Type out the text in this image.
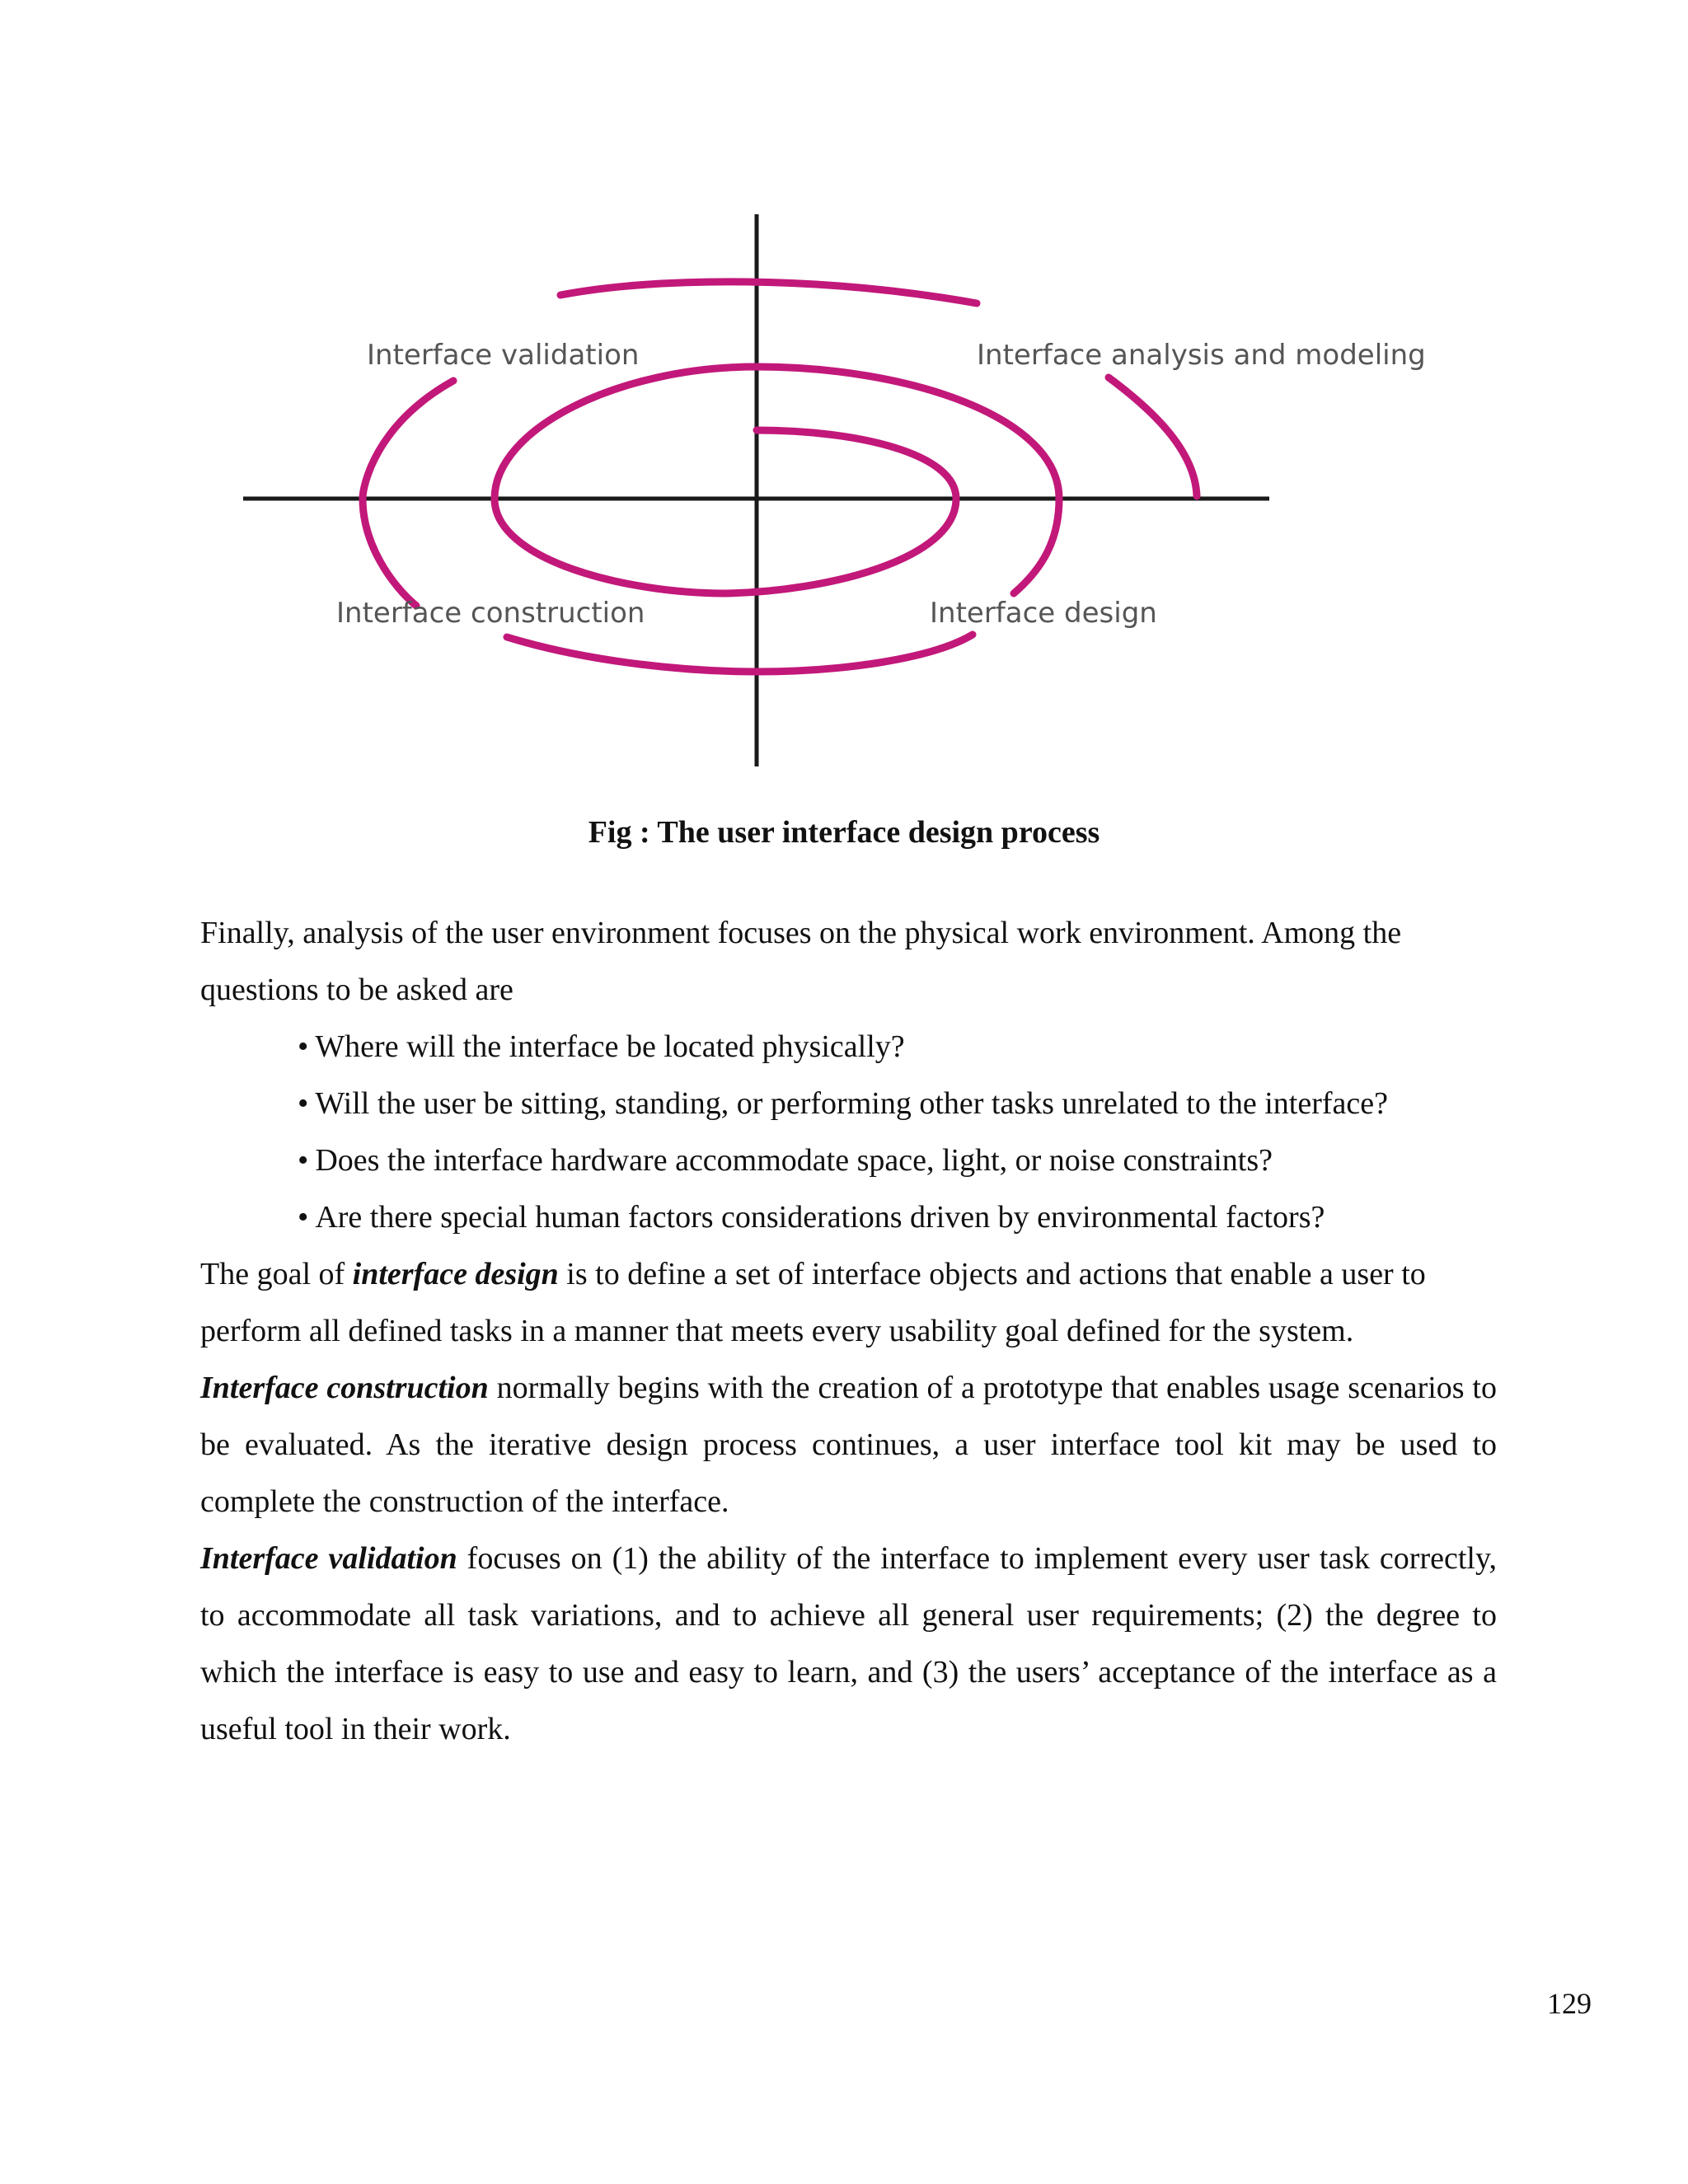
Interface validation	Interface analysis and modeling
Interface construction	Interface design
Fig : The user interface design process

Finally, analysis of the user environment focuses on the physical work environment. Among the questions to be asked are

• Where will the interface be located physically?
• Will the user be sitting, standing, or performing other tasks unrelated to the interface?
• Does the interface hardware accommodate space, light, or noise constraints?
• Are there special human factors considerations driven by environmental factors?

The goal of interface design is to define a set of interface objects and actions that enable a user to perform all defined tasks in a manner that meets every usability goal defined for the system.

Interface construction normally begins with the creation of a prototype that enables usage scenarios to be evaluated. As the iterative design process continues, a user interface tool kit may be used to complete the construction of the interface.

Interface validation focuses on (1) the ability of the interface to implement every user task correctly, to accommodate all task variations, and to achieve all general user requirements; (2) the degree to which the interface is easy to use and easy to learn, and (3) the users’ acceptance of the interface as a useful tool in their work.

129
